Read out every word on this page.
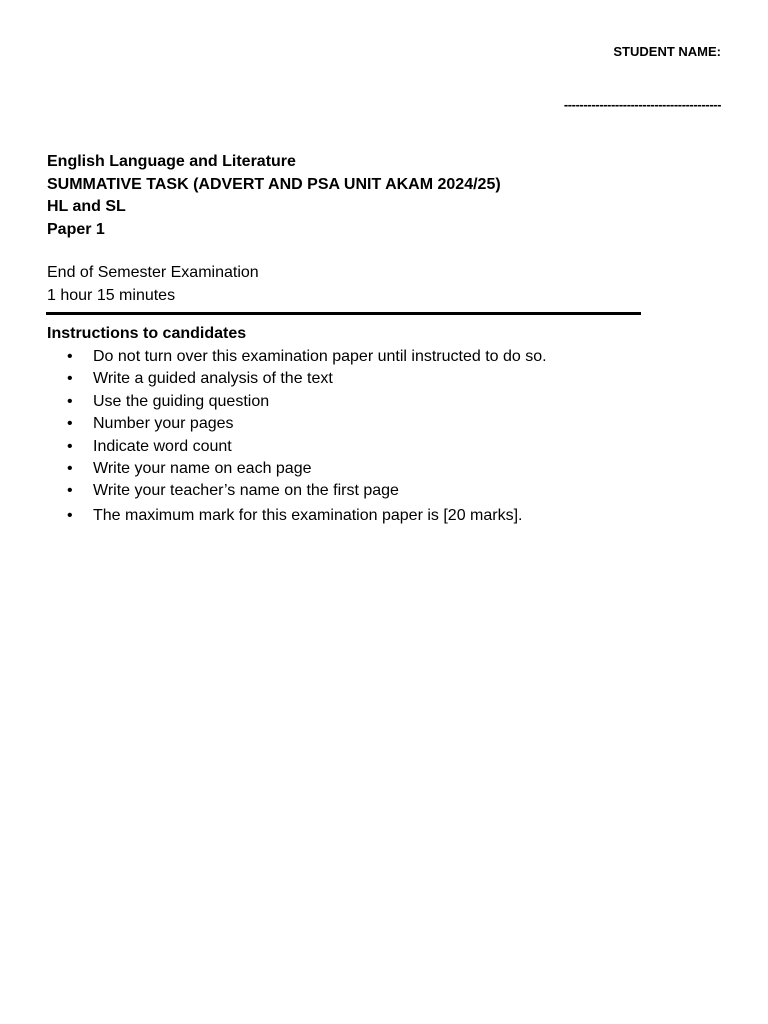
STUDENT NAME:
----------------------------------------
English Language and Literature
SUMMATIVE TASK (ADVERT AND PSA UNIT AKAM 2024/25)
HL and SL
Paper 1
End of Semester Examination
1 hour 15 minutes
Instructions to candidates
• Do not turn over this examination paper until instructed to do so.
• Write a guided analysis of the text
• Use the guiding question
• Number your pages
• Indicate word count
• Write your name on each page
• Write your teacher’s name on the first page
• The maximum mark for this examination paper is [20 marks].
